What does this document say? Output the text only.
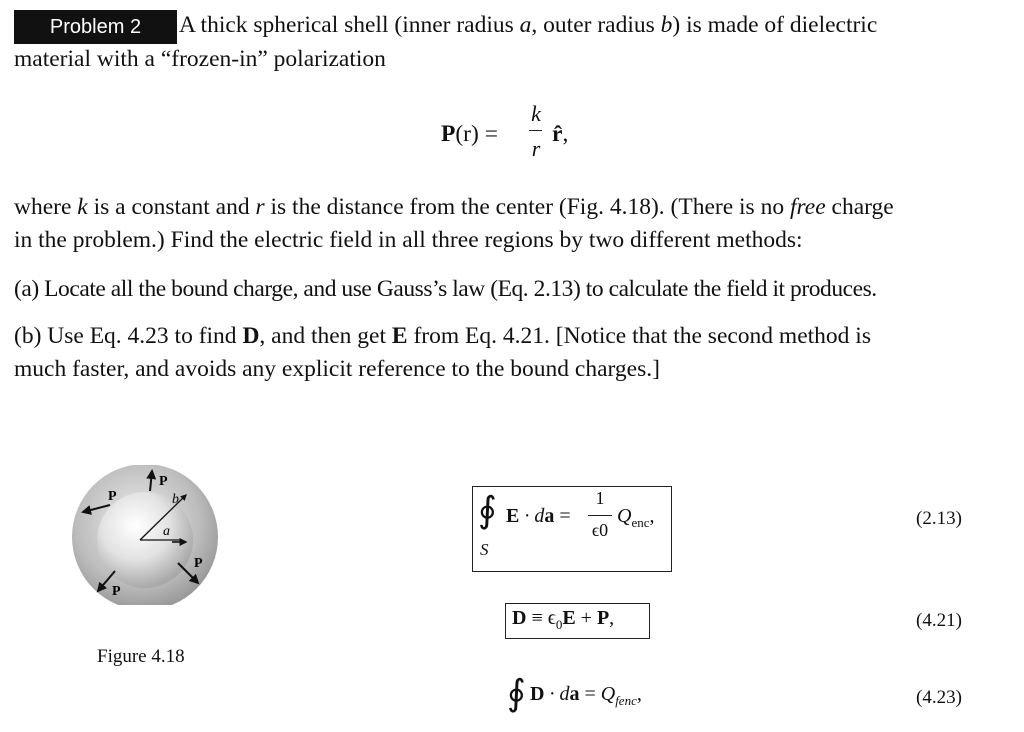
Problem 2	A thick spherical shell (inner radius a, outer radius b) is made of dielectric
material with a “frozen-in” polarization
P(r) =
k
r
r̂,
where k is a constant and r is the distance from the center (Fig. 4.18). (There is no free charge
in the problem.) Find the electric field in all three regions by two different methods:
(a) Locate all the bound charge, and use Gauss’s law (Eq. 2.13) to calculate the field it produces.
(b) Use Eq. 4.23 to find D, and then get E from Eq. 4.21. [Notice that the second method is
much faster, and avoids any explicit reference to the bound charges.]
P
P
P
P
b
a
Figure 4.18
∮
S
E · da =
1
ϵ0
$Q_{enc}$,	(2.13)
$D \equiv \epsilon_0E + P$,	(4.21)
∮ D · da = $Q_{fenc}$,	(4.23)
